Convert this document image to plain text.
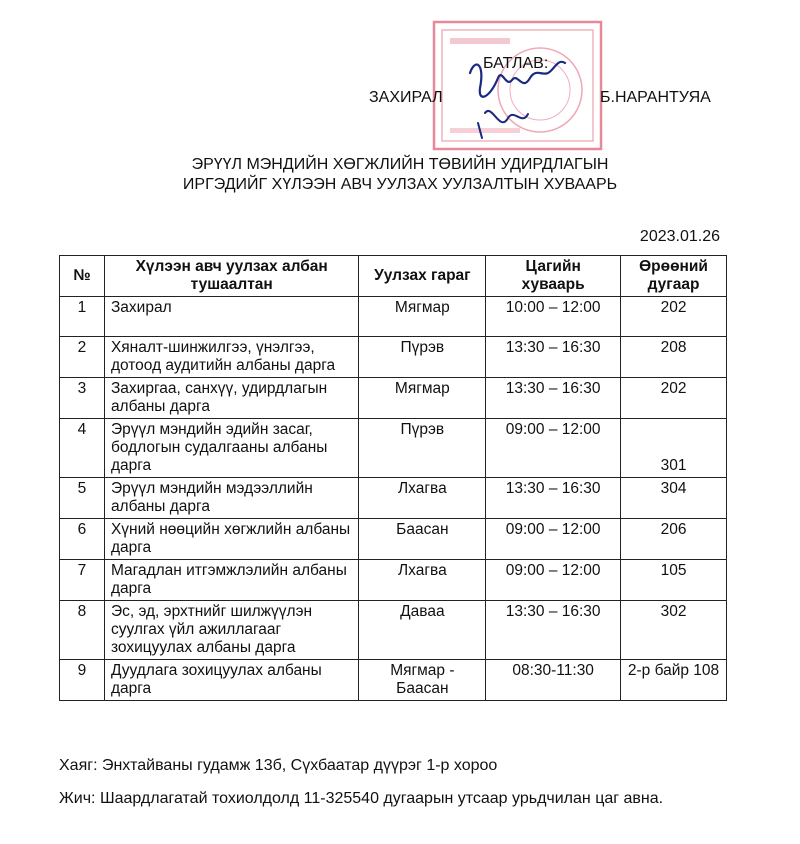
БАТЛАВ:
ЗАХИРАЛ	Б.НАРАНТУЯА
ЭРҮҮЛ МЭНДИЙН ХӨГЖЛИЙН ТӨВИЙН УДИРДЛАГЫН
ИРГЭДИЙГ ХҮЛЭЭН АВЧ УУЛЗАХ УУЛЗАЛТЫН ХУВААРЬ
2023.01.26
№	Хүлээн авч уулзах албан тушаалтан	Уулзах гараг	Цагийн хуваарь	Өрөөний дугаар
1	Захирал	Мягмар	10:00 – 12:00	202
2	Хяналт-шинжилгээ, үнэлгээ, дотоод аудитийн албаны дарга	Пүрэв	13:30 – 16:30	208
3	Захиргаа, санхүү, удирдлагын албаны дарга	Мягмар	13:30 – 16:30	202
4	Эрүүл мэндийн эдийн засаг, бодлогын судалгааны албаны дарга	Пүрэв	09:00 – 12:00	301
5	Эрүүл мэндийн мэдээллийн албаны дарга	Лхагва	13:30 – 16:30	304
6	Хүний нөөцийн хөгжлийн албаны дарга	Баасан	09:00 – 12:00	206
7	Магадлан итгэмжлэлийн албаны дарга	Лхагва	09:00 – 12:00	105
8	Эс, эд, эрхтнийг шилжүүлэн суулгах үйл ажиллагааг зохицуулах албаны дарга	Даваа	13:30 – 16:30	302
9	Дуудлага зохицуулах албаны дарга	Мягмар - Баасан	08:30-11:30	2-р байр 108
Хаяг: Энхтайваны гудамж 13б, Сүхбаатар дүүрэг 1-р хороо
Жич: Шаардлагатай тохиолдолд 11-325540 дугаарын утсаар урьдчилан цаг авна.
